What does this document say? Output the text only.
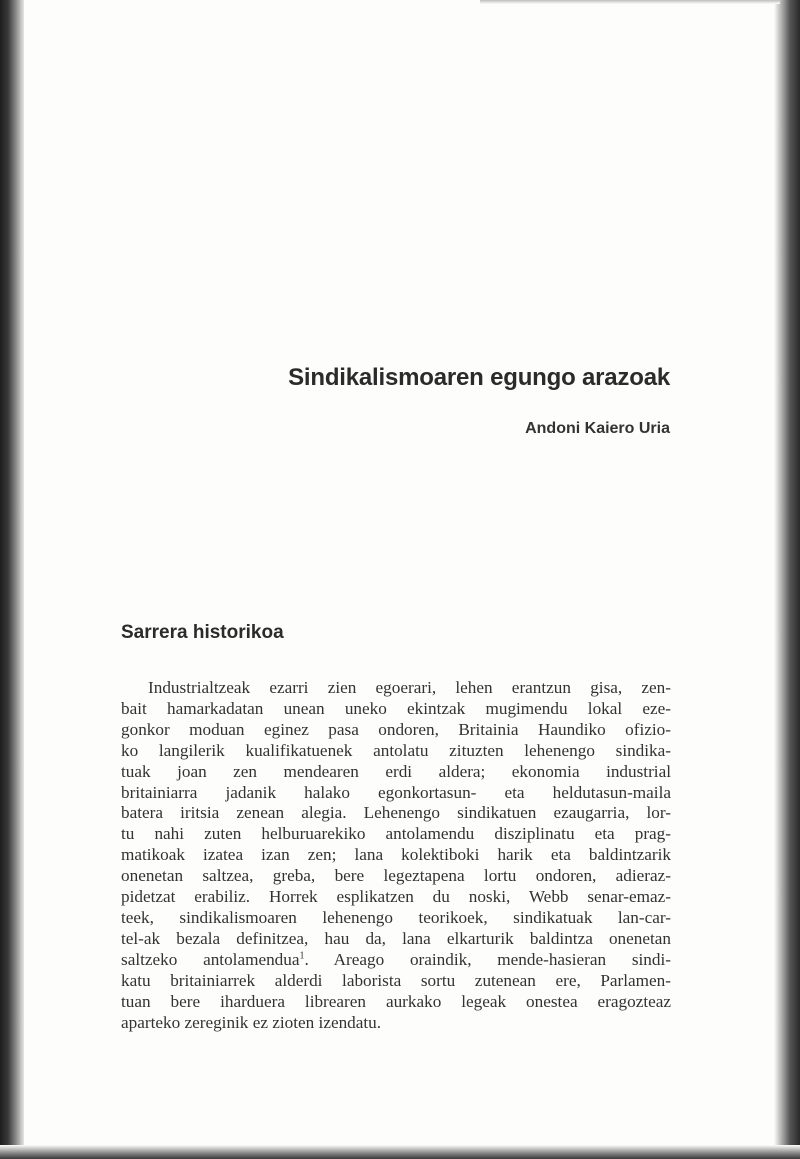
Sindikalismoaren egungo arazoak

Andoni Kaiero Uria

Sarrera historikoa
Industrialtzeak ezarri zien egoerari, lehen erantzun gisa, zen-
bait hamarkadatan unean uneko ekintzak mugimendu lokal eze-
gonkor moduan eginez pasa ondoren, Britainia Haundiko ofizio-
ko langilerik kualifikatuenek antolatu zituzten lehenengo sindika-
tuak joan zen mendearen erdi aldera; ekonomia industrial
britainiarra jadanik halako egonkortasun- eta heldutasun-maila
batera iritsia zenean alegia. Lehenengo sindikatuen ezaugarria, lor-
tu nahi zuten helburuarekiko antolamendu disziplinatu eta prag-
matikoak izatea izan zen; lana kolektiboki harik eta baldintzarik
onenetan saltzea, greba, bere legeztapena lortu ondoren, adieraz-
pidetzat erabiliz. Horrek esplikatzen du noski, Webb senar-emaz-
teek, sindikalismoaren lehenengo teorikoek, sindikatuak lan-car-
tel-ak bezala definitzea, hau da, lana elkarturik baldintza onenetan
saltzeko antolamendua$^1$. Areago oraindik, mende-hasieran sindi-
katu britainiarrek alderdi laborista sortu zutenean ere, Parlamen-
tuan bere iharduera librearen aurkako legeak onestea eragozteaz
aparteko zereginik ez zioten izendatu.
